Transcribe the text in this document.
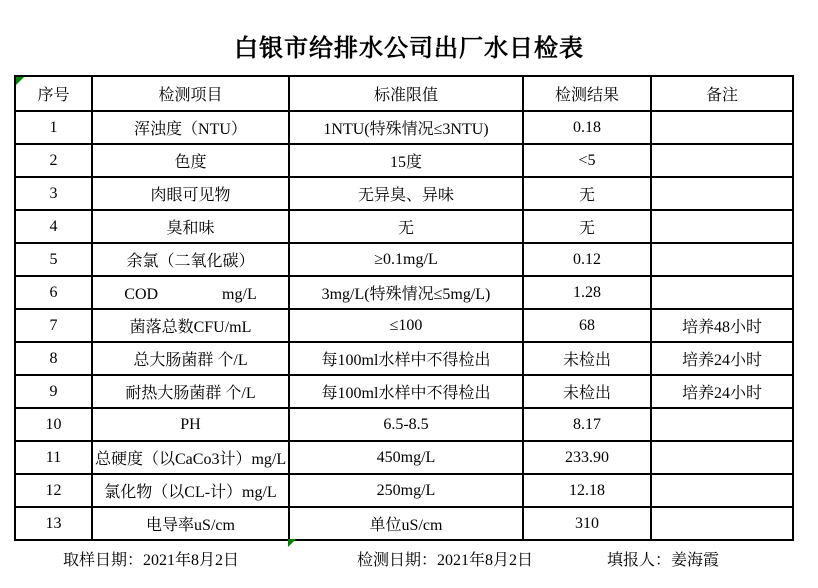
白银市给排水公司出厂水日检表
序号	检测项目	标准限值	检测结果	备注
1	浑浊度（NTU）	1NTU(特殊情况≤3NTU)	0.18	
2	色度	15度	<5	
3	肉眼可见物	无异臭、异味	无	
4	臭和味	无	无	
5	余氯（二氧化碳）	≥0.1mg/L	0.12	
6	COD　　　　mg/L	3mg/L(特殊情况≤5mg/L)	1.28	
7	菌落总数CFU/mL	≤100	68	培养48小时
8	总大肠菌群 个/L	每100ml水样中不得检出	未检出	培养24小时
9	耐热大肠菌群 个/L	每100ml水样中不得检出	未检出	培养24小时
10	PH	6.5-8.5	8.17	
11	总硬度（以CaCo3计）mg/L	450mg/L	233.90	
12	氯化物（以CL-计）mg/L	250mg/L	12.18	
13	电导率uS/cm	单位uS/cm	310	
取样日期：2021年8月2日	检测日期：2021年8月2日	填报人：姜海霞
